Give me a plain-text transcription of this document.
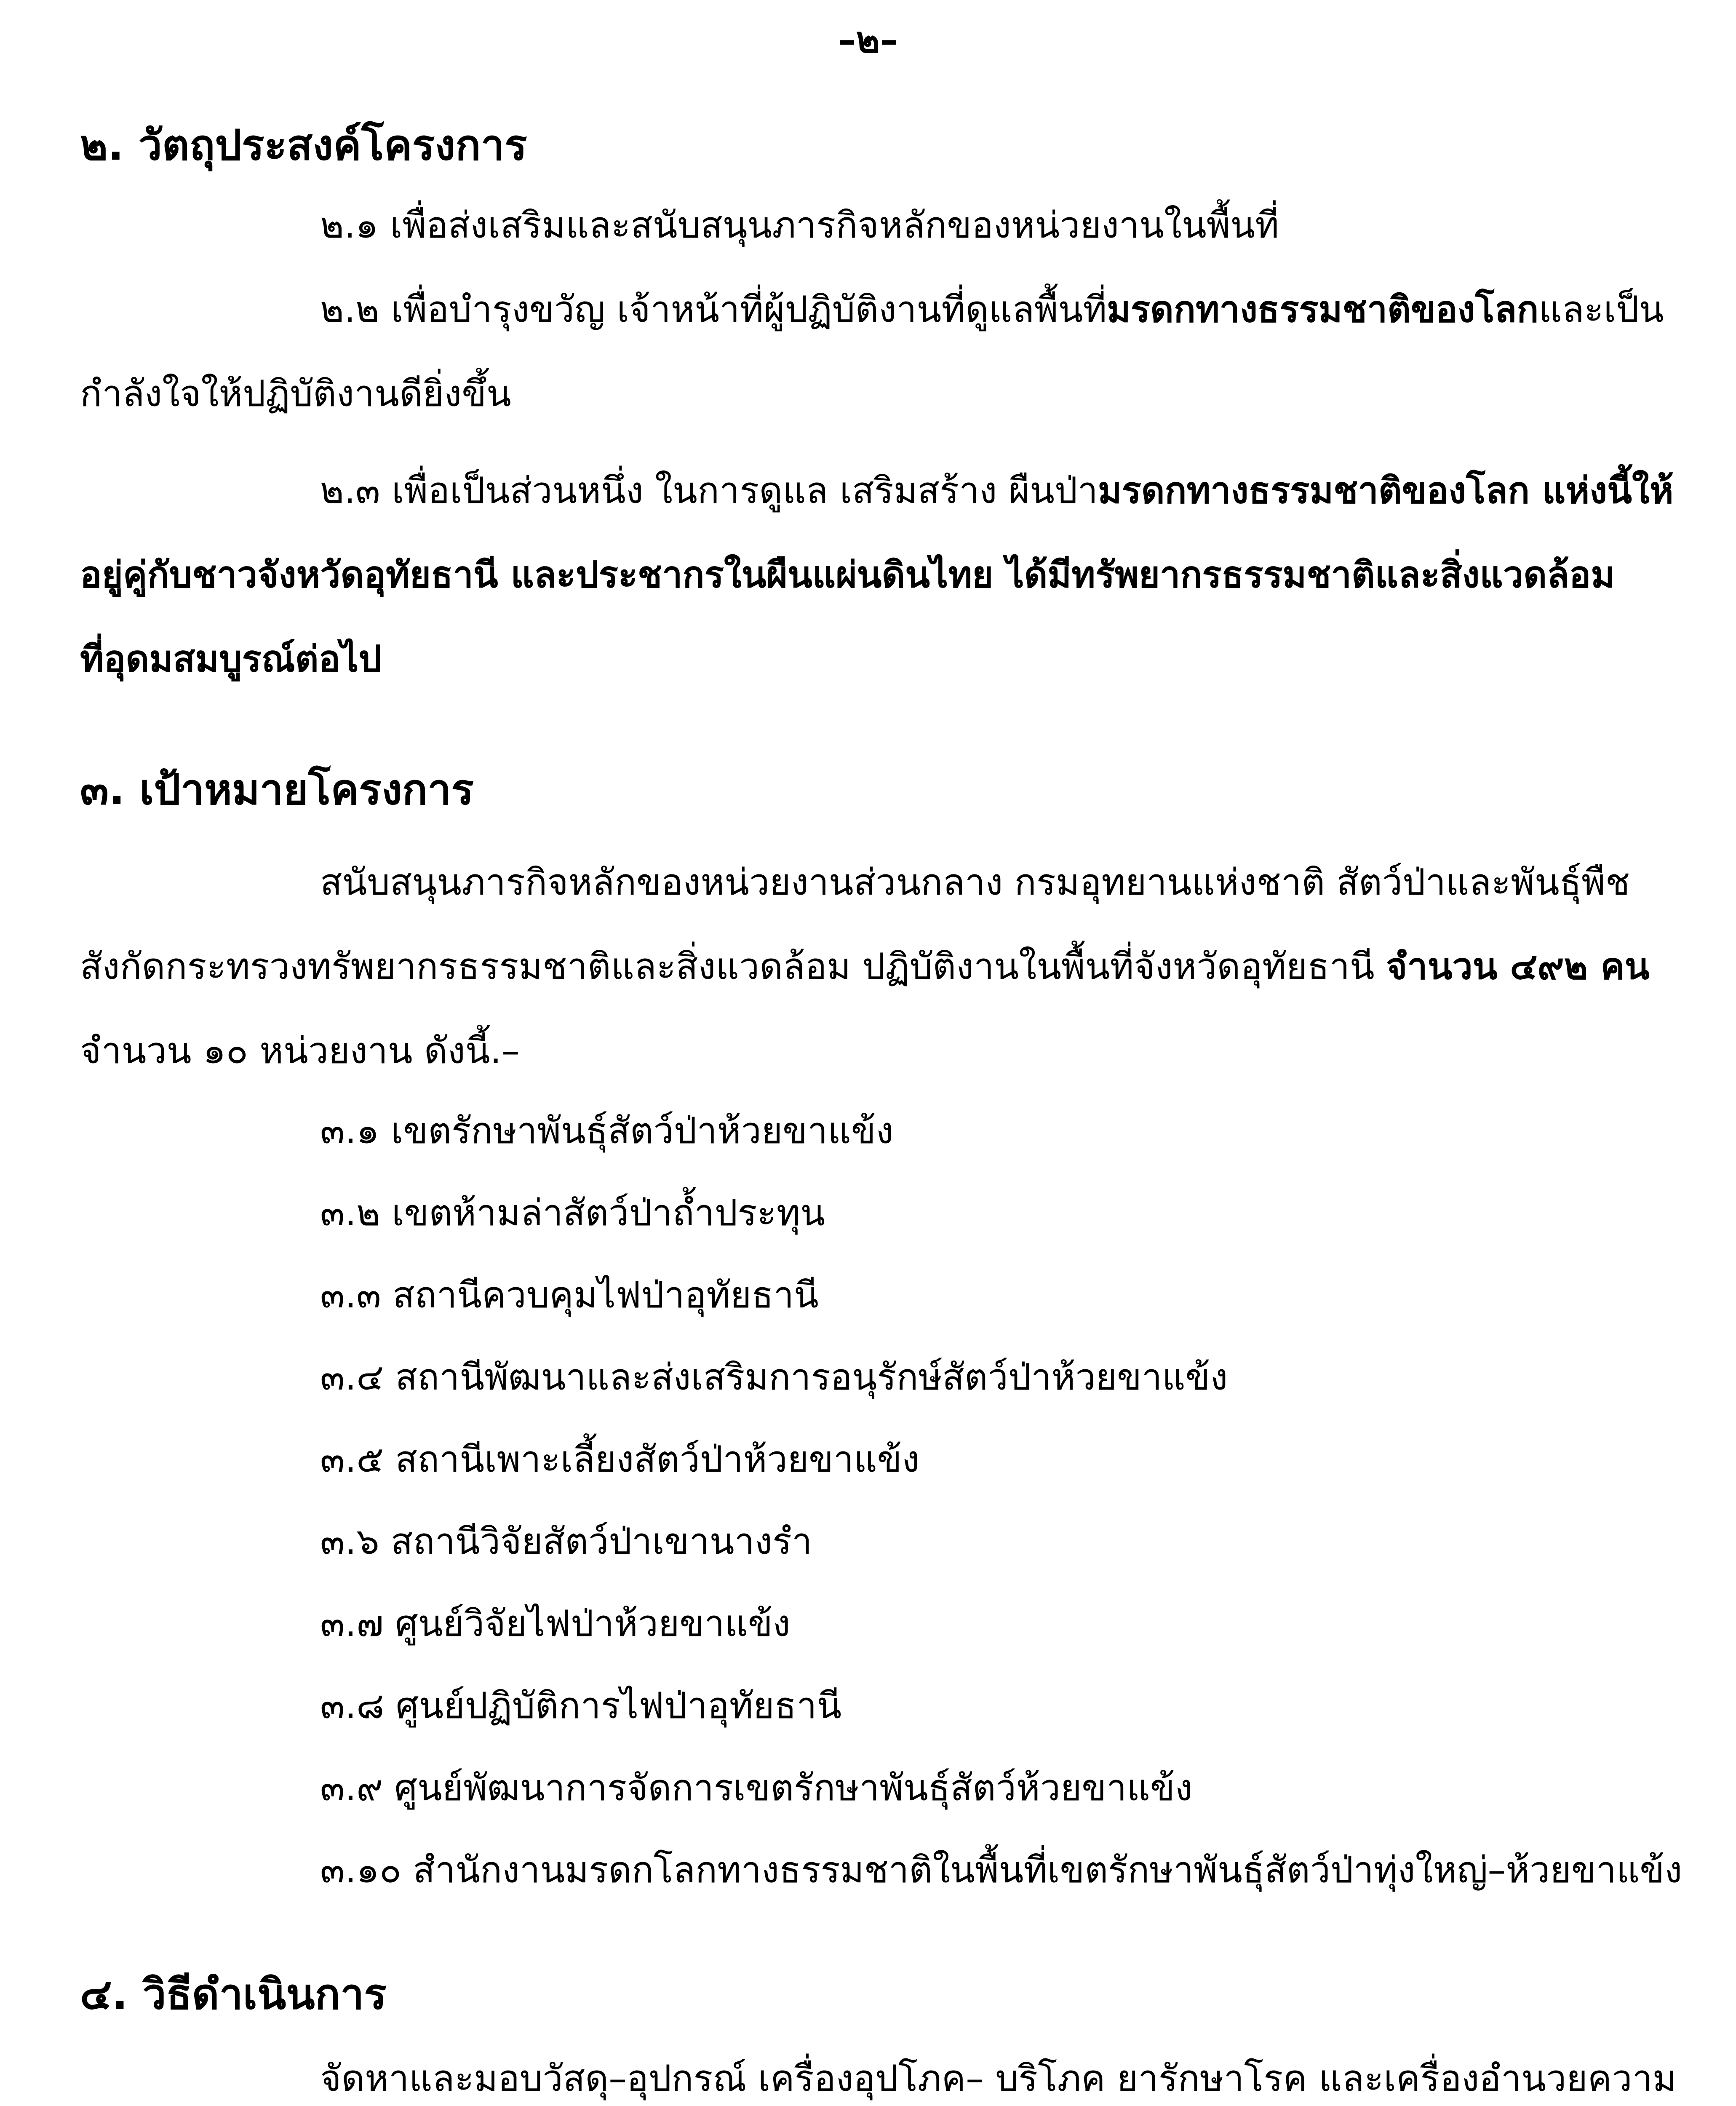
–๒–
๒. วัตถุประสงค์โครงการ
๒.๑ เพื่อส่งเสริมและสนับสนุนภารกิจหลักของหน่วยงานในพื้นที่
๒.๒ เพื่อบำรุงขวัญ เจ้าหน้าที่ผู้ปฏิบัติงานที่ดูแลพื้นที่มรดกทางธรรมชาติของโลกและเป็น
กำลังใจให้ปฏิบัติงานดียิ่งขึ้น
๒.๓ เพื่อเป็นส่วนหนึ่ง ในการดูแล เสริมสร้าง ผืนป่ามรดกทางธรรมชาติของโลก แห่งนี้ให้
อยู่คู่กับชาวจังหวัดอุทัยธานี และประชากรในผืนแผ่นดินไทย ได้มีทรัพยากรธรรมชาติและสิ่งแวดล้อม
ที่อุดมสมบูรณ์ต่อไป
๓. เป้าหมายโครงการ
สนับสนุนภารกิจหลักของหน่วยงานส่วนกลาง กรมอุทยานแห่งชาติ สัตว์ป่าและพันธุ์พืช
สังกัดกระทรวงทรัพยากรธรรมชาติและสิ่งแวดล้อม ปฏิบัติงานในพื้นที่จังหวัดอุทัยธานี จำนวน ๔๙๒ คน
จำนวน ๑๐ หน่วยงาน ดังนี้.–
๓.๑ เขตรักษาพันธุ์สัตว์ป่าห้วยขาแข้ง
๓.๒ เขตห้ามล่าสัตว์ป่าถ้ำประทุน
๓.๓ สถานีควบคุมไฟป่าอุทัยธานี
๓.๔ สถานีพัฒนาและส่งเสริมการอนุรักษ์สัตว์ป่าห้วยขาแข้ง
๓.๕ สถานีเพาะเลี้ยงสัตว์ป่าห้วยขาแข้ง
๓.๖ สถานีวิจัยสัตว์ป่าเขานางรำ
๓.๗ ศูนย์วิจัยไฟป่าห้วยขาแข้ง
๓.๘ ศูนย์ปฏิบัติการไฟป่าอุทัยธานี
๓.๙ ศูนย์พัฒนาการจัดการเขตรักษาพันธุ์สัตว์ห้วยขาแข้ง
๓.๑๐ สำนักงานมรดกโลกทางธรรมชาติในพื้นที่เขตรักษาพันธุ์สัตว์ป่าทุ่งใหญ่–ห้วยขาแข้ง
๔. วิธีดำเนินการ
จัดหาและมอบวัสดุ–อุปกรณ์ เครื่องอุปโภค– บริโภค ยารักษาโรค และเครื่องอำนวยความ
